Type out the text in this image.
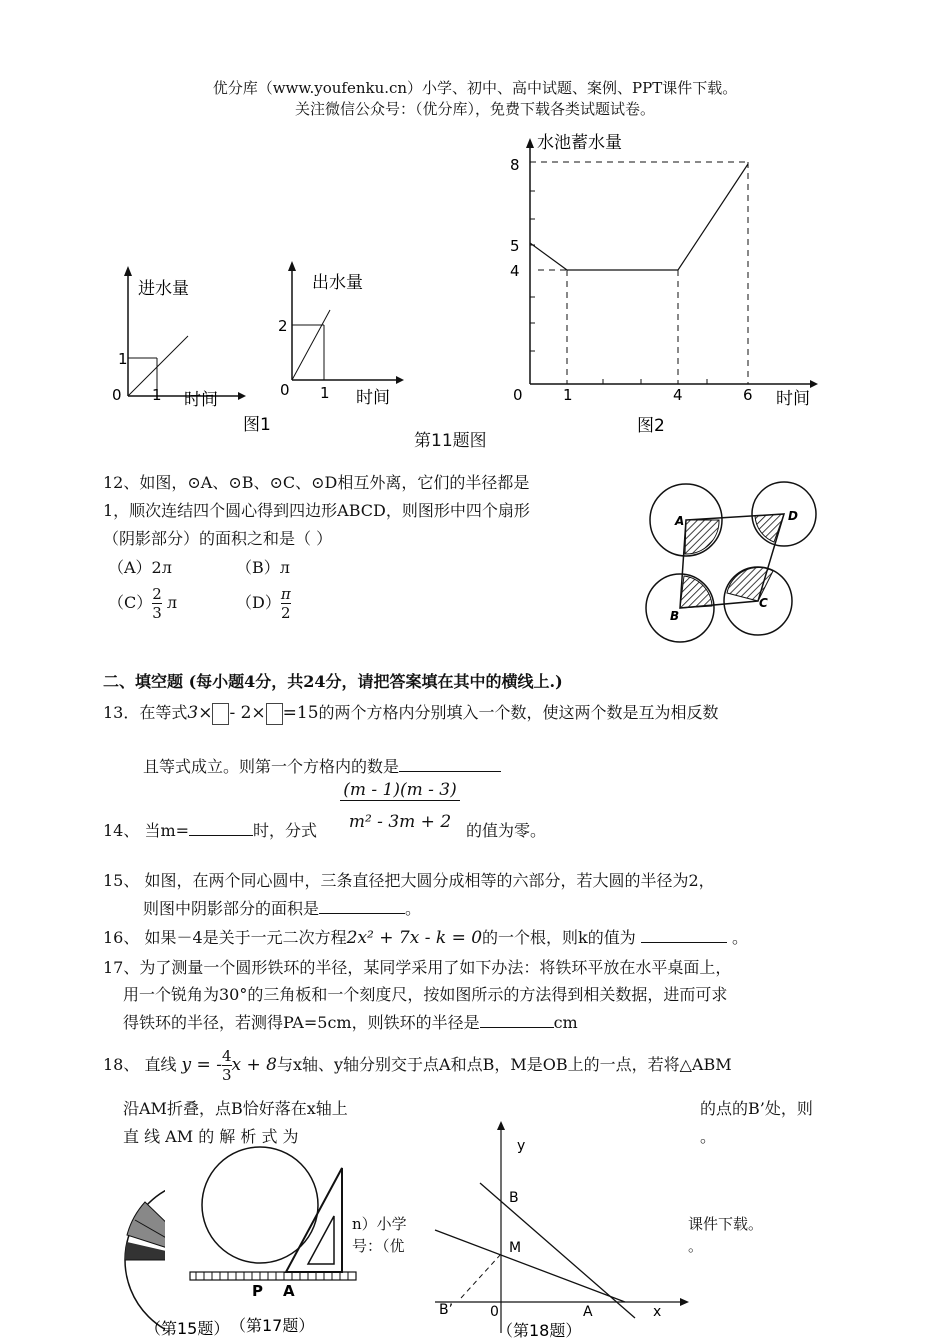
优分库（www.youfenku.cn）小学、初中、高中试题、案例、PPT课件下载。
关注微信公众号：（优分库），免费下载各类试题试卷。
进水量
1
0 1 时间
图1
出水量
2
0 1 时间
水池蓄水量
8
5
4
0	1	4	6 时间
图2
第11题图
12、如图，⊙A、⊙B、⊙C、⊙D相互外离，它们的半径都是
1，顺次连结四个圆心得到四边形ABCD，则图形中四个扇形
（阴影部分）的面积之和是（ ）
（A）2л	（B）л
$(C) \frac{2}{3}$ л	$(D) \frac{\pi}{2}$
A	D
C
B
二、填空题 (每小题4分，共24分，请把答案填在其中的横线上.)
13．在等式3× - 2× =15的两个方格内分别填入一个数，使这两个数是互为相反数
且等式成立。则第一个方格内的数是
(m - 1)(m - 3)
m² - 3m + 2
14、 当m=	时，分式	的值为零。
15、 如图，在两个同心圆中，三条直径把大圆分成相等的六部分，若大圆的半径为2，
则图中阴影部分的面积是	。
16、 如果－4是关于一元二次方程2x² + 7x - k = 0的一个根，则k的值为	。
17、为了测量一个圆形铁环的半径，某同学采用了如下办法：将铁环平放在水平桌面上，
用一个锐角为30°的三角板和一个刻度尺，按如图所示的方法得到相关数据，进而可求
得铁环的半径，若测得PA=5cm，则铁环的半径是	cm
18、 直线 y = - $\frac{4}{3}$ x + 8与x轴、y轴分别交于点A和点B，M是OB上的一点，若将△ABM
沿AM折叠，点B恰好落在x轴上	的点的B’处，则
直 线 AM 的 解 析 式 为	。
n）小学
号：（优
课件下载。
。
（第15题）
P A
（第17题）
y
B
M
B’	0	A	x
（第18题）
